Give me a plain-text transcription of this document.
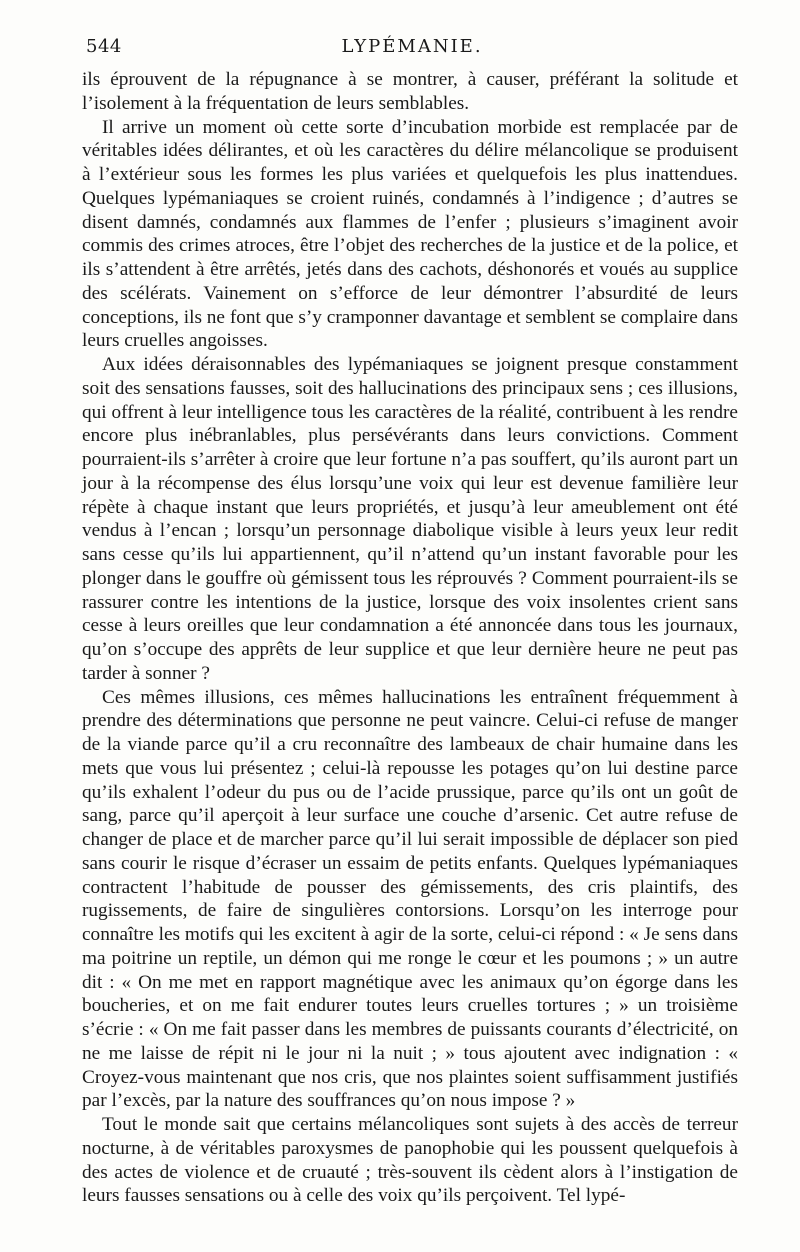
544	LYPÉMANIE.

ils éprouvent de la répugnance à se montrer, à causer, préférant la solitude et l’isolement à la fréquentation de leurs semblables.

Il arrive un moment où cette sorte d’incubation morbide est remplacée par de véritables idées délirantes, et où les caractères du délire mélancolique se produisent à l’extérieur sous les formes les plus variées et quelquefois les plus inattendues. Quelques lypémaniaques se croient ruinés, condamnés à l’indigence ; d’autres se disent damnés, condamnés aux flammes de l’enfer ; plusieurs s’imaginent avoir commis des crimes atroces, être l’objet des recherches de la justice et de la police, et ils s’attendent à être arrêtés, jetés dans des cachots, déshonorés et voués au supplice des scélérats. Vainement on s’efforce de leur démontrer l’absurdité de leurs conceptions, ils ne font que s’y cramponner davantage et semblent se complaire dans leurs cruelles angoisses.

Aux idées déraisonnables des lypémaniaques se joignent presque constamment soit des sensations fausses, soit des hallucinations des principaux sens ; ces illusions, qui offrent à leur intelligence tous les caractères de la réalité, contribuent à les rendre encore plus inébranlables, plus persévérants dans leurs convictions. Comment pourraient-ils s’arrêter à croire que leur fortune n’a pas souffert, qu’ils auront part un jour à la récompense des élus lorsqu’une voix qui leur est devenue familière leur répète à chaque instant que leurs propriétés, et jusqu’à leur ameublement ont été vendus à l’encan ; lorsqu’un personnage diabolique visible à leurs yeux leur redit sans cesse qu’ils lui appartiennent, qu’il n’attend qu’un instant favorable pour les plonger dans le gouffre où gémissent tous les réprouvés ? Comment pourraient-ils se rassurer contre les intentions de la justice, lorsque des voix insolentes crient sans cesse à leurs oreilles que leur condamnation a été annoncée dans tous les journaux, qu’on s’occupe des apprêts de leur supplice et que leur dernière heure ne peut pas tarder à sonner ?

Ces mêmes illusions, ces mêmes hallucinations les entraînent fréquemment à prendre des déterminations que personne ne peut vaincre. Celui-ci refuse de manger de la viande parce qu’il a cru reconnaître des lambeaux de chair humaine dans les mets que vous lui présentez ; celui-là repousse les potages qu’on lui destine parce qu’ils exhalent l’odeur du pus ou de l’acide prussique, parce qu’ils ont un goût de sang, parce qu’il aperçoit à leur surface une couche d’arsenic. Cet autre refuse de changer de place et de marcher parce qu’il lui serait impossible de déplacer son pied sans courir le risque d’écraser un essaim de petits enfants. Quelques lypémaniaques contractent l’habitude de pousser des gémissements, des cris plaintifs, des rugissements, de faire de singulières contorsions. Lorsqu’on les interroge pour connaître les motifs qui les excitent à agir de la sorte, celui-ci répond : « Je sens dans ma poitrine un reptile, un démon qui me ronge le cœur et les poumons ; » un autre dit : « On me met en rapport magnétique avec les animaux qu’on égorge dans les boucheries, et on me fait endurer toutes leurs cruelles tortures ; » un troisième s’écrie : « On me fait passer dans les membres de puissants courants d’électricité, on ne me laisse de répit ni le jour ni la nuit ; » tous ajoutent avec indignation : « Croyez-vous maintenant que nos cris, que nos plaintes soient suffisamment justifiés par l’excès, par la nature des souffrances qu’on nous impose ? »

Tout le monde sait que certains mélancoliques sont sujets à des accès de terreur nocturne, à de véritables paroxysmes de panophobie qui les poussent quelquefois à des actes de violence et de cruauté ; très-souvent ils cèdent alors à l’instigation de leurs fausses sensations ou à celle des voix qu’ils perçoivent. Tel lypé-
